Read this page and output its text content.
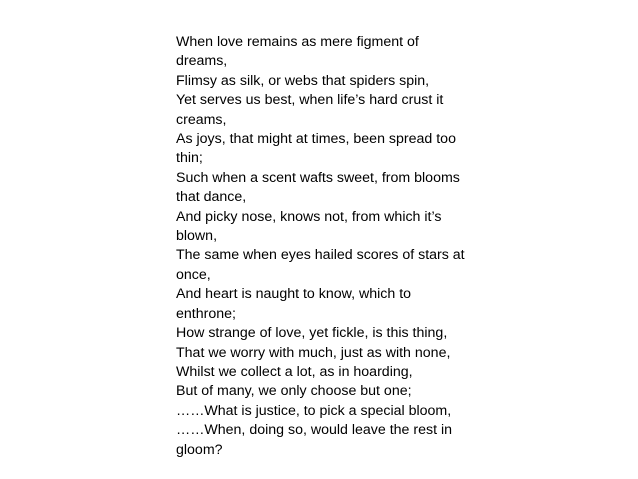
When love remains as mere figment of
dreams,
Flimsy as silk, or webs that spiders spin,
Yet serves us best, when life’s hard crust it
creams,
As joys, that might at times, been spread too
thin;
Such when a scent wafts sweet, from blooms
that dance,
And picky nose, knows not, from which it’s
blown,
The same when eyes hailed scores of stars at
once,
And heart is naught to know, which to
enthrone;
How strange of love, yet fickle, is this thing,
That we worry with much, just as with none,
Whilst we collect a lot, as in hoarding,
But of many, we only choose but one;
……What is justice, to pick a special bloom,
……When, doing so, would leave the rest in
gloom?
